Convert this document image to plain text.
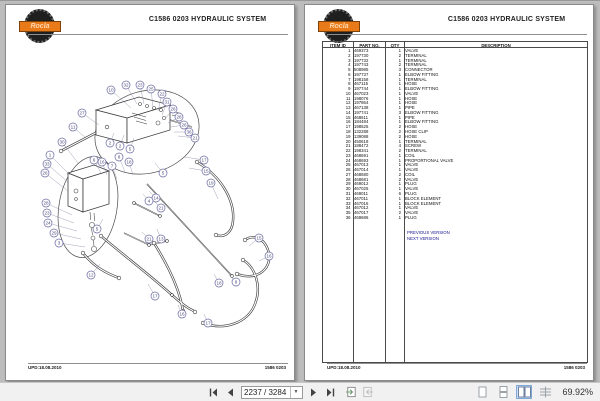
Rocla
C1586 0203 HYDRAULIC SYSTEM
10
32 23
25
22
31
26
28
26
36
21
27
11
30
1
33
26
28
23
24
29
3
2
2
5
6 16
7
8
18
5
17
15
19
14
4
21
21 13
5
12
17
16
17
15
16
8
18
UPD:18.08.2010	1586 0203
Rocla
C1586 0203 HYDRAULIC SYSTEM
ITEM ID	PART NO.	QTY	DESCRIPTION
1 469373	1 VALVE
2 197730	2 TERMINAL
3 197732	1 TERMINAL
4 197743	2 TERMINAL
5 508985	3 CONNECTOR
6 197737	1 ELBOW FITTING
7 198158	1 TERMINAL
8 467115	1 HOSE
9 197744	1 ELBOW FITTING
10 467023	1 VALVE
11 198076	1 HOSE
12 197864	1 HOSE
13 467138	1 PIPE
14 197741	3 ELBOW FITTING
15 468611	1 PIPE
16 184484	1 ELBOW FITTING
17 198525	2 HOSE
18 132288	2 HOSE CLIP
19 139088	2 HOSE
20 450618	1 TERMINAL
21 188472	4 SCREW
22 198341	2 TERMINAL
23 468691	1 COIL
24 468693	1 PROPORTIONAL VALVE
25 467013	1 VALVE
26 467014	1 VALVE
27 468680	2 COIL
28 468681	2 VALVE
29 469012	1 PLUG
30 467025	1 VALVE
31 469011	6 PLUG
32 467011	1 BLOCK ELEMENT
33 467016	1 BLOCK ELEMENT
34 467012	1 VALVE
35 467017	2 VALVE
36 469686	1 PLUG
PREVIOUS VERSION
NEXT VERSION
UPD:18.08.2010	1586 0203
2237 / 3284
▼	69.92%
